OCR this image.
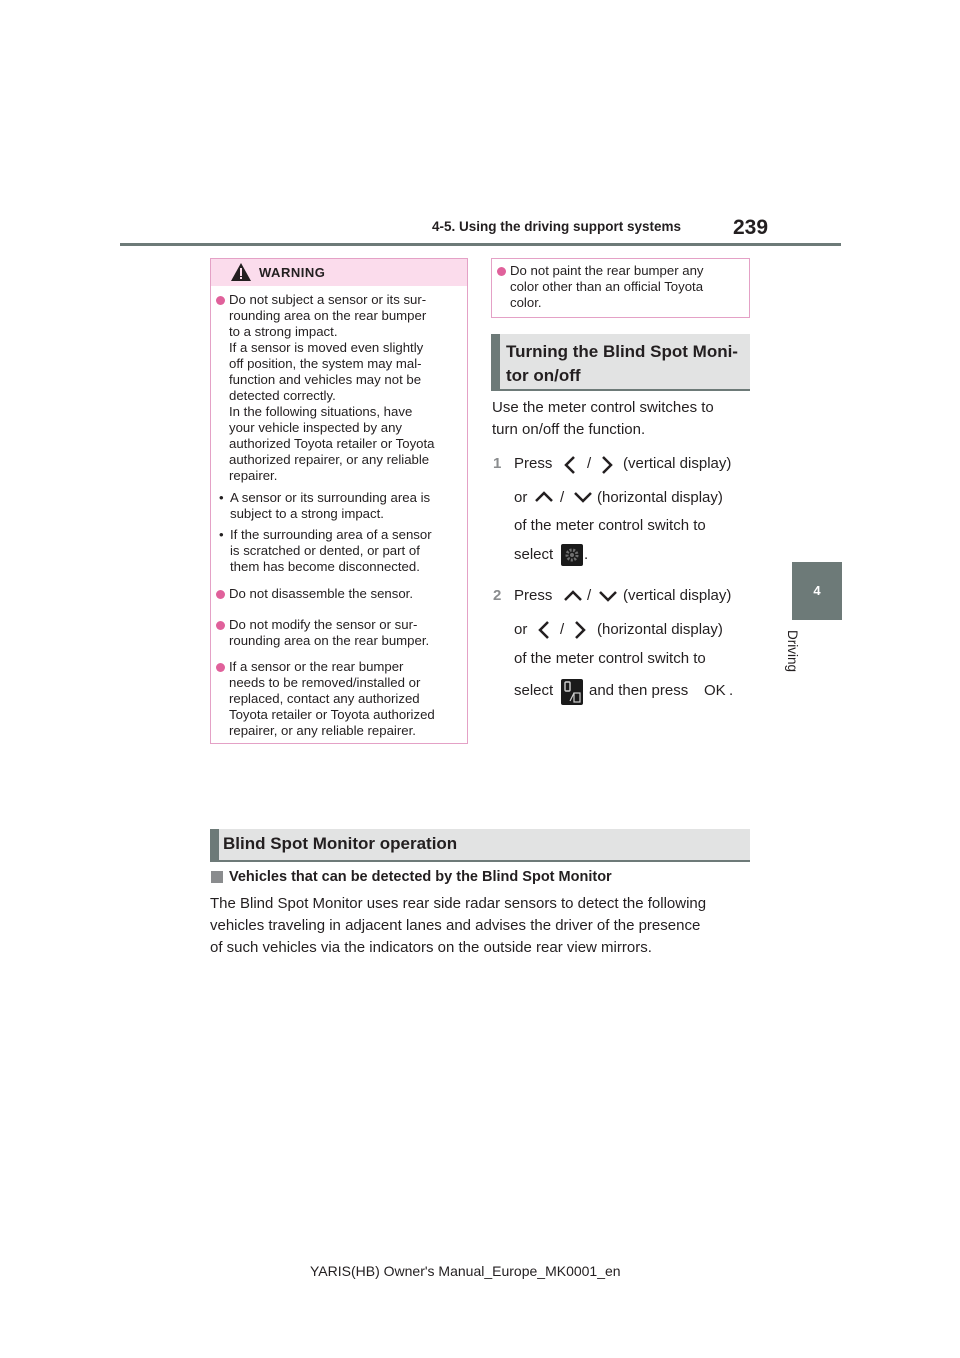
4-5. Using the driving support systems 239
4
Driving
WARNING
Do not subject a sensor or its sur-
rounding area on the rear bumper
to a strong impact.
If a sensor is moved even slightly
off position, the system may mal-
function and vehicles may not be
detected correctly.
In the following situations, have
your vehicle inspected by any
authorized Toyota retailer or Toyota
authorized repairer, or any reliable
repairer.
• A sensor or its surrounding area is
subject to a strong impact.
• If the surrounding area of a sensor
is scratched or dented, or part of
them has become disconnected.
Do not disassemble the sensor.
Do not modify the sensor or sur-
rounding area on the rear bumper.
If a sensor or the rear bumper
needs to be removed/installed or
replaced, contact any authorized
Toyota retailer or Toyota authorized
repairer, or any reliable repairer.
Do not paint the rear bumper any
color other than an official Toyota
color.
Turning the Blind Spot Moni-
tor on/off
Use the meter control switches to
turn on/off the function.
1 Press / (vertical display)
or / (horizontal display)
of the meter control switch to
select .
2 Press / (vertical display)
or / (horizontal display)
of the meter control switch to
select and then press OK .
Blind Spot Monitor operation
Vehicles that can be detected by the Blind Spot Monitor
The Blind Spot Monitor uses rear side radar sensors to detect the following
vehicles traveling in adjacent lanes and advises the driver of the presence
of such vehicles via the indicators on the outside rear view mirrors.
YARIS(HB) Owner's Manual_Europe_MK0001_en
